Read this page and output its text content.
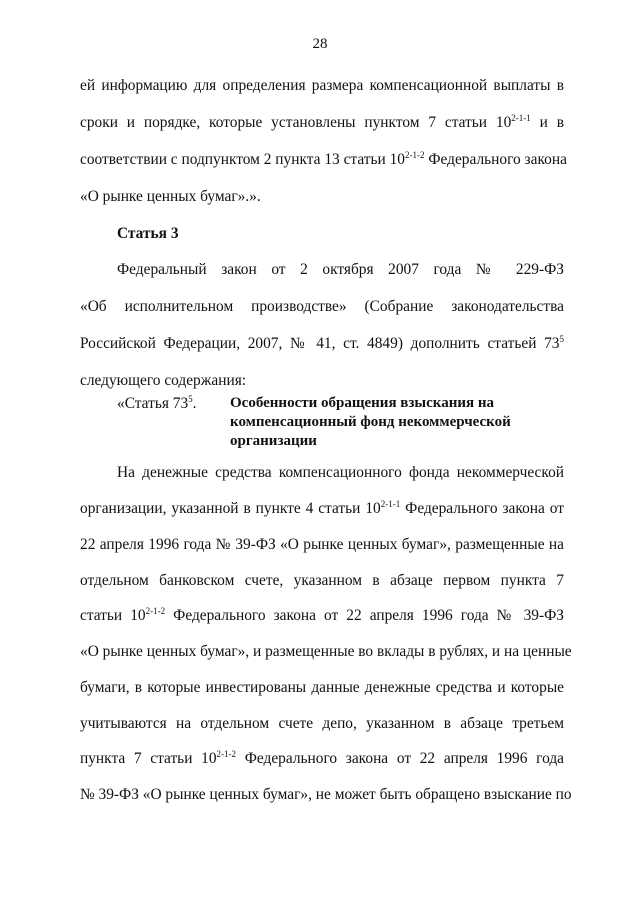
28
ей информацию для определения размера компенсационной выплаты в
сроки и порядке, которые установлены пунктом 7 статьи 10$^{2-1-1}$ и в
соответствии с подпунктом 2 пункта 13 статьи 10$^{2-1-2}$ Федерального закона
«О рынке ценных бумаг».».
Статья 3
Федеральный закон от 2 октября 2007 года № 229-ФЗ
«Об исполнительном производстве» (Собрание законодательства
Российской Федерации, 2007, № 41, ст. 4849) дополнить статьей $73^5$
следующего содержания:
«Статья $73^5$. Особенности обращения взыскания на
компенсационный фонд некоммерческой
организации
На денежные средства компенсационного фонда некоммерческой
организации, указанной в пункте 4 статьи 10$^{2-1-1}$ Федерального закона от
22 апреля 1996 года № 39-ФЗ «О рынке ценных бумаг», размещенные на
отдельном банковском счете, указанном в абзаце первом пункта 7
статьи 10$^{2-1-2}$ Федерального закона от 22 апреля 1996 года № 39-ФЗ
«О рынке ценных бумаг», и размещенные во вклады в рублях, и на ценные
бумаги, в которые инвестированы данные денежные средства и которые
учитываются на отдельном счете депо, указанном в абзаце третьем
пункта 7 статьи 10$^{2-1-2}$ Федерального закона от 22 апреля 1996 года
№ 39-ФЗ «О рынке ценных бумаг», не может быть обращено взыскание по
